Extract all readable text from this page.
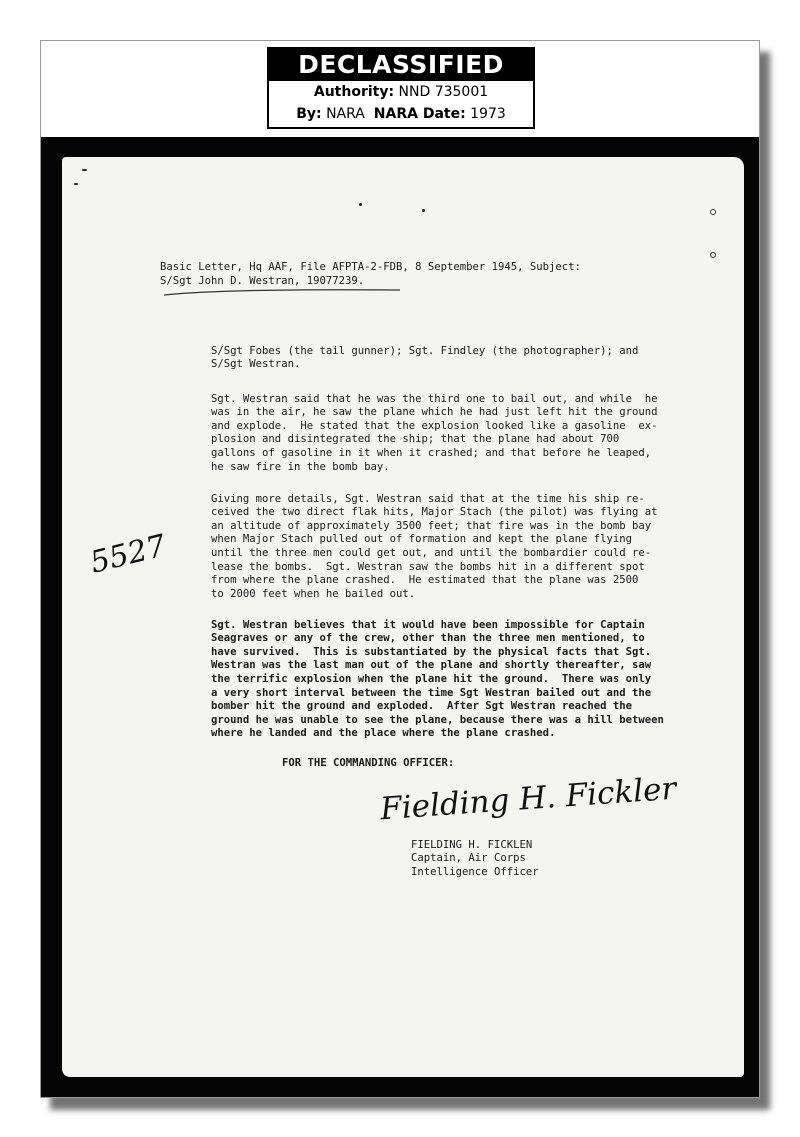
DECLASSIFIED
Authority: NND 735001
By: NARA NARA Date: 1973
Basic Letter, Hq AAF, File AFPTA-2-FDB, 8 September 1945, Subject:
S/Sgt John D. Westran, 19077239.

S/Sgt Fobes (the tail gunner); Sgt. Findley (the photographer); and
S/Sgt Westran.

Sgt. Westran said that he was the third one to bail out, and while  he
was in the air, he saw the plane which he had just left hit the ground
and explode.  He stated that the explosion looked like a gasoline  ex-
plosion and disintegrated the ship; that the plane had about 700
gallons of gasoline in it when it crashed; and that before he leaped,
he saw fire in the bomb bay.

Giving more details, Sgt. Westran said that at the time his ship re-
ceived the two direct flak hits, Major Stach (the pilot) was flying at
an altitude of approximately 3500 feet; that fire was in the bomb bay
when Major Stach pulled out of formation and kept the plane flying
until the three men could get out, and until the bombardier could re-
lease the bombs.  Sgt. Westran saw the bombs hit in a different spot
from where the plane crashed.  He estimated that the plane was 2500
to 2000 feet when he bailed out.

Sgt. Westran believes that it would have been impossible for Captain
Seagraves or any of the crew, other than the three men mentioned, to
have survived.  This is substantiated by the physical facts that Sgt.
Westran was the last man out of the plane and shortly thereafter, saw
the terrific explosion when the plane hit the ground.  There was only
a very short interval between the time Sgt Westran bailed out and the
bomber hit the ground and exploded.  After Sgt Westran reached the
ground he was unable to see the plane, because there was a hill between
where he landed and the place where the plane crashed.

FOR THE COMMANDING OFFICER:
Fielding H. Fickler

FIELDING H. FICKLEN
Captain, Air Corps
Intelligence Officer

5527
